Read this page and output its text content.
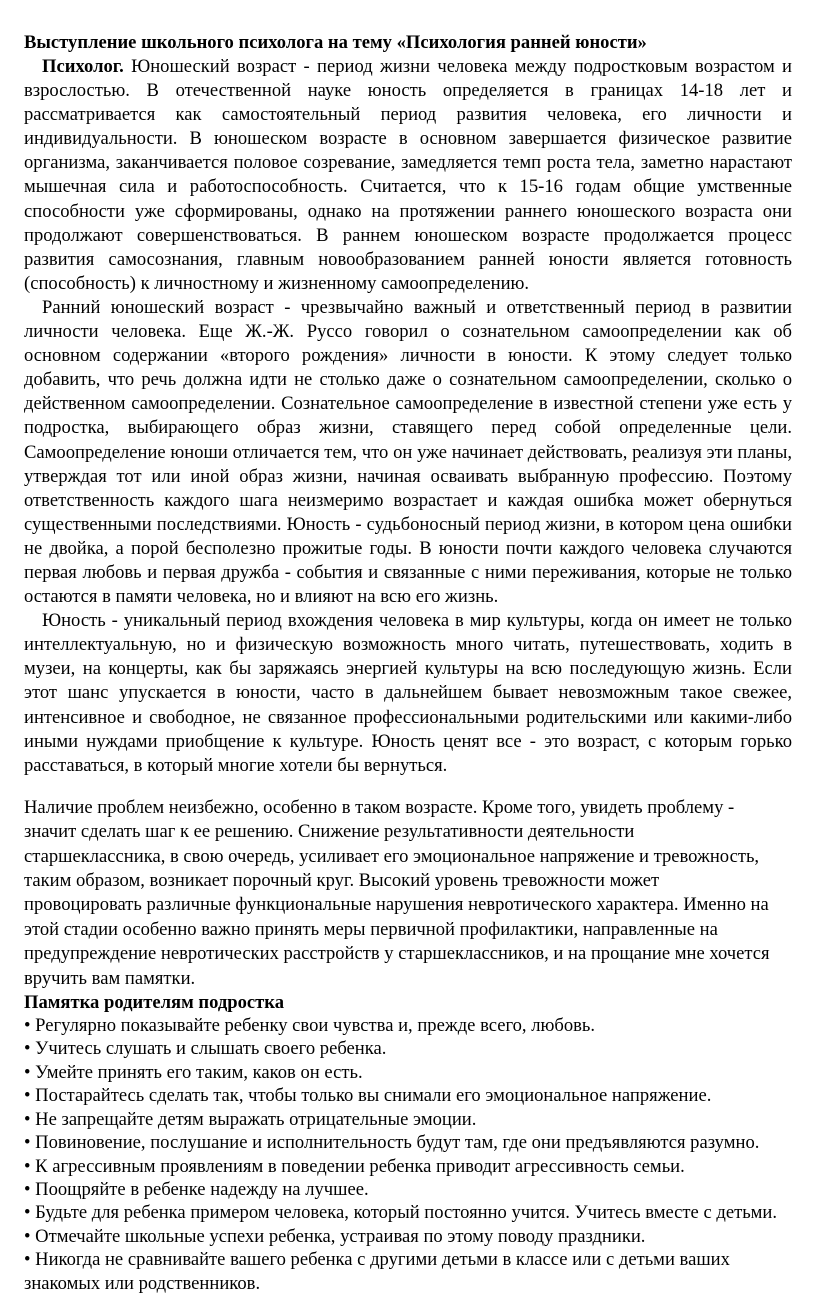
Выступление школьного психолога на тему «Психология ранней юности»

Психолог. Юношеский возраст - период жизни человека между подростковым возрастом и взрослостью. В отечественной науке юность определяется в границах 14-18 лет и рассматривается как самостоятельный период развития человека, его личности и индивидуальности. В юношеском возрасте в основном завершается физическое развитие организма, заканчивается половое созревание, замедляется темп роста тела, заметно нарастают мышечная сила и работоспособность. Считается, что к 15-16 годам общие умственные способности уже сформированы, однако на протяжении раннего юношеского возраста они продолжают совершенствоваться. В раннем юношеском возрасте продолжается процесс развития самосознания, главным новообразованием ранней юности является готовность (способность) к личностному и жизненному самоопределению.

Ранний юношеский возраст - чрезвычайно важный и ответственный период в развитии личности человека. Еще Ж.-Ж. Руссо говорил о сознательном самоопределении как об основном содержании «второго рождения» личности в юности. К этому следует только добавить, что речь должна идти не столько даже о сознательном самоопределении, сколько о действенном самоопределении. Сознательное самоопределение в известной степени уже есть у подростка, выбирающего образ жизни, ставящего перед собой определенные цели. Самоопределение юноши отличается тем, что он уже начинает действовать, реализуя эти планы, утверждая тот или иной образ жизни, начиная осваивать выбранную профессию. Поэтому ответственность каждого шага неизмеримо возрастает и каждая ошибка может обернуться существенными последствиями. Юность - судьбоносный период жизни, в котором цена ошибки не двойка, а порой бесполезно прожитые годы. В юности почти каждого человека случаются первая любовь и первая дружба - события и связанные с ними переживания, которые не только остаются в памяти человека, но и влияют на всю его жизнь.

Юность - уникальный период вхождения человека в мир культуры, когда он имеет не только интеллектуальную, но и физическую возможность много читать, путешествовать, ходить в музеи, на концерты, как бы заряжаясь энергией культуры на всю последующую жизнь. Если этот шанс упускается в юности, часто в дальнейшем бывает невозможным такое свежее, интенсивное и свободное, не связанное профессиональными родительскими или какими-либо иными нуждами приобщение к культуре. Юность ценят все - это возраст, с которым горько расставаться, в который многие хотели бы вернуться.

Наличие проблем неизбежно, особенно в таком возрасте. Кроме того, увидеть проблему - значит сделать шаг к ее решению. Снижение результативности деятельности старшеклассника, в свою очередь, усиливает его эмоциональное напряжение и тревожность, таким образом, возникает порочный круг. Высокий уровень тревожности может провоцировать различные функциональные нарушения невротического характера. Именно на этой стадии особенно важно принять меры первичной профилактики, направленные на предупреждение невротических расстройств у старшеклассников, и на прощание мне хочется вручить вам памятки.

Памятка родителям подростка

• Регулярно показывайте ребенку свои чувства и, прежде всего, любовь.
• Учитесь слушать и слышать своего ребенка.
• Умейте принять его таким, каков он есть.
• Постарайтесь сделать так, чтобы только вы снимали его эмоциональное напряжение.
• Не запрещайте детям выражать отрицательные эмоции.
• Повиновение, послушание и исполнительность будут там, где они предъявляются разумно.
• К агрессивным проявлениям в поведении ребенка приводит агрессивность семьи.
• Поощряйте в ребенке надежду на лучшее.
• Будьте для ребенка примером человека, который постоянно учится. Учитесь вместе с детьми.
• Отмечайте школьные успехи ребенка, устраивая по этому поводу праздники.
• Никогда не сравнивайте вашего ребенка с другими детьми в классе или с детьми ваших знакомых или родственников.
